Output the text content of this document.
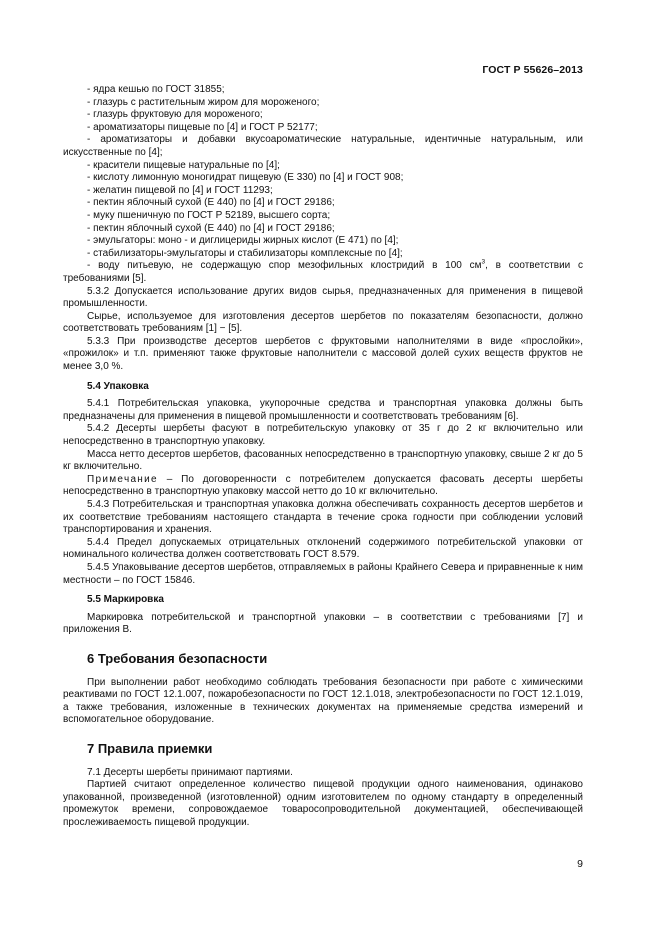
ГОСТ Р 55626–2013

- ядра кешью по ГОСТ 31855;

- глазурь с растительным жиром для мороженого;

- глазурь фруктовую для мороженого;

- ароматизаторы пищевые по [4] и ГОСТ Р 52177;

- ароматизаторы и добавки вкусоароматические натуральные, идентичные натуральным, или искусственные по [4];

- красители пищевые натуральные по [4];

- кислоту лимонную моногидрат пищевую (Е 330) по [4] и ГОСТ 908;

- желатин пищевой по [4] и ГОСТ 11293;

- пектин яблочный сухой (Е 440) по [4] и ГОСТ 29186;

- муку пшеничную по ГОСТ Р 52189, высшего сорта;

- пектин яблочный сухой (Е 440) по [4] и ГОСТ 29186;

- эмульгаторы: моно - и диглицериды жирных кислот (Е 471) по [4];

- стабилизаторы-эмульгаторы и стабилизаторы комплексные по [4];

- воду питьевую, не содержащую спор мезофильных клостридий в 100 $см^3$, в соответствии с требованиями [5].

5.3.2 Допускается использование других видов сырья, предназначенных для применения в пищевой промышленности.

Сырье, используемое для изготовления десертов шербетов по показателям безопасности, должно соответствовать требованиям [1] − [5].

5.3.3 При производстве десертов шербетов с фруктовыми наполнителями в виде «прослойки», «прожилок» и т.п. применяют также фруктовые наполнители с массовой долей сухих веществ фруктов не менее 3,0 %.

5.4 Упаковка

5.4.1 Потребительская упаковка, укупорочные средства и транспортная упаковка должны быть предназначены для применения в пищевой промышленности и соответствовать требованиям [6].

5.4.2 Десерты шербеты фасуют в потребительскую упаковку от 35 г до 2 кг включительно или непосредственно в транспортную упаковку.

Масса нетто десертов шербетов, фасованных непосредственно в транспортную упаковку, свыше 2 кг до 5 кг включительно.

Примечание – По договоренности с потребителем допускается фасовать десерты шербеты непосредственно в транспортную упаковку массой нетто до 10 кг включительно.

5.4.3 Потребительская и транспортная упаковка должна обеспечивать сохранность десертов шербетов и их соответствие требованиям настоящего стандарта в течение срока годности при соблюдении условий транспортирования и хранения.

5.4.4 Предел допускаемых отрицательных отклонений содержимого потребительской упаковки от номинального количества должен соответствовать ГОСТ 8.579.

5.4.5 Упаковывание десертов шербетов, отправляемых в районы Крайнего Севера и приравненные к ним местности – по ГОСТ 15846.

5.5 Маркировка

Маркировка потребительской и транспортной упаковки – в соответствии с требованиями [7] и приложения В.

6 Требования безопасности

При выполнении работ необходимо соблюдать требования безопасности при работе с химическими реактивами по ГОСТ 12.1.007, пожаробезопасности по ГОСТ 12.1.018, электробезопасности по ГОСТ 12.1.019, а также требования, изложенные в технических документах на применяемые средства измерений и вспомогательное оборудование.

7 Правила приемки

7.1 Десерты шербеты принимают партиями.

Партией считают определенное количество пищевой продукции одного наименования, одинаково упакованной, произведенной (изготовленной) одним изготовителем по одному стандарту в определенный промежуток времени, сопровождаемое товаросопроводительной документацией, обеспечивающей прослеживаемость пищевой продукции.

9
